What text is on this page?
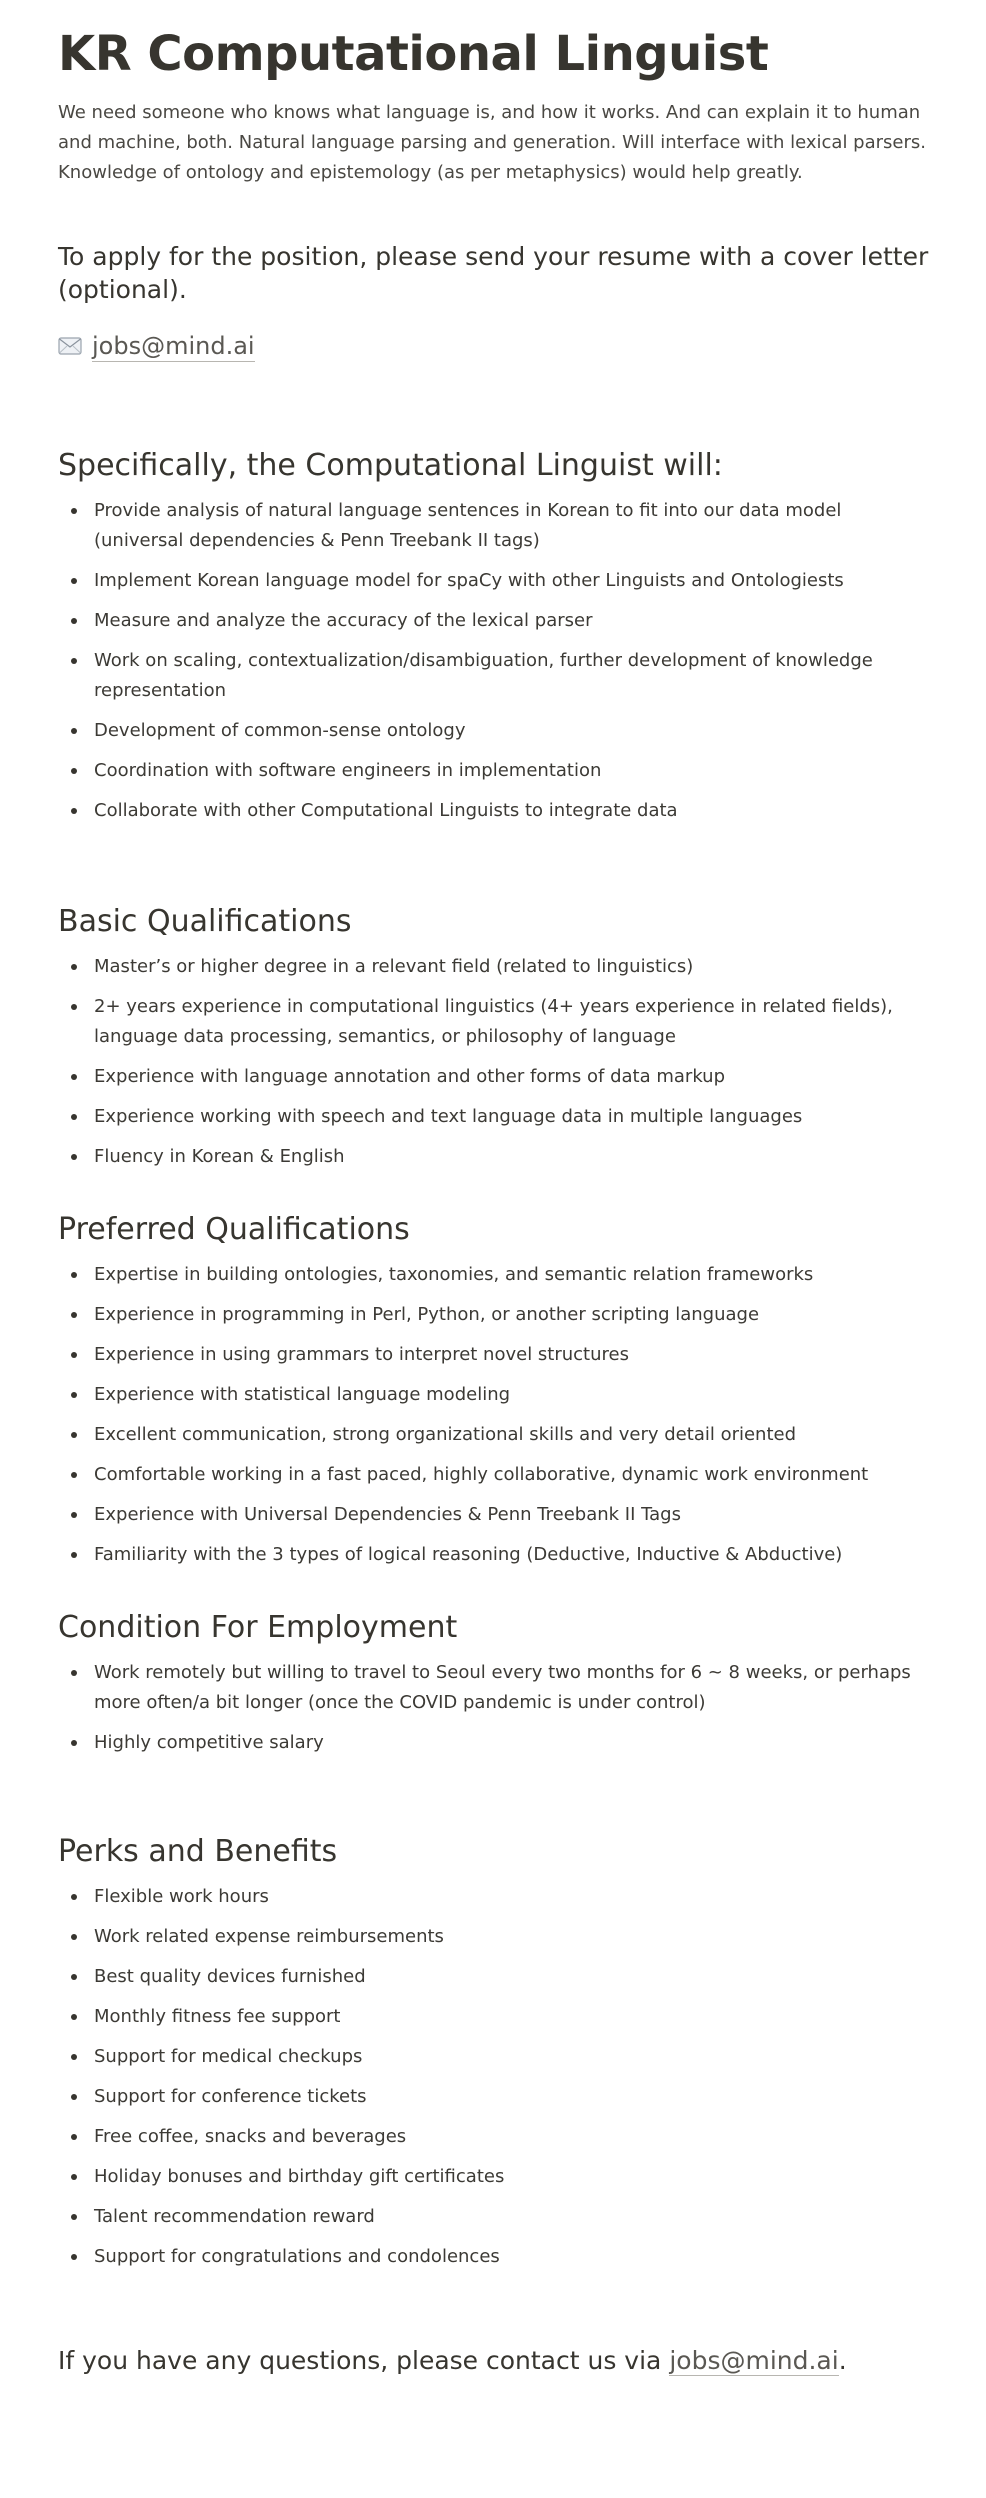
KR Computational Linguist

We need someone who knows what language is, and how it works. And can explain it to human and machine, both. Natural language parsing and generation. Will interface with lexical parsers. Knowledge of ontology and epistemology (as per metaphysics) would help greatly.

To apply for the position, please send your resume with a cover letter (optional).
jobs@mind.ai
Specifically, the Computational Linguist will:
Provide analysis of natural language sentences in Korean to fit into our data model (universal dependencies & Penn Treebank II tags)
Implement Korean language model for spaCy with other Linguists and Ontologiests
Measure and analyze the accuracy of the lexical parser
Work on scaling, contextualization/disambiguation, further development of knowledge representation
Development of common-sense ontology
Coordination with software engineers in implementation
Collaborate with other Computational Linguists to integrate data
Basic Qualifications
Master’s or higher degree in a relevant field (related to linguistics)
2+ years experience in computational linguistics (4+ years experience in related fields), language data processing, semantics, or philosophy of language
Experience with language annotation and other forms of data markup
Experience working with speech and text language data in multiple languages
Fluency in Korean & English
Preferred Qualifications
Expertise in building ontologies, taxonomies, and semantic relation frameworks
Experience in programming in Perl, Python, or another scripting language
Experience in using grammars to interpret novel structures
Experience with statistical language modeling
Excellent communication, strong organizational skills and very detail oriented
Comfortable working in a fast paced, highly collaborative, dynamic work environment
Experience with Universal Dependencies & Penn Treebank II Tags
Familiarity with the 3 types of logical reasoning (Deductive, Inductive & Abductive)
Condition For Employment
Work remotely but willing to travel to Seoul every two months for 6 ~ 8 weeks, or perhaps more often/a bit longer (once the COVID pandemic is under control)
Highly competitive salary
Perks and Benefits
Flexible work hours
Work related expense reimbursements
Best quality devices furnished
Monthly fitness fee support
Support for medical checkups
Support for conference tickets
Free coffee, snacks and beverages
Holiday bonuses and birthday gift certificates
Talent recommendation reward
Support for congratulations and condolences
If you have any questions, please contact us via jobs@mind.ai.
